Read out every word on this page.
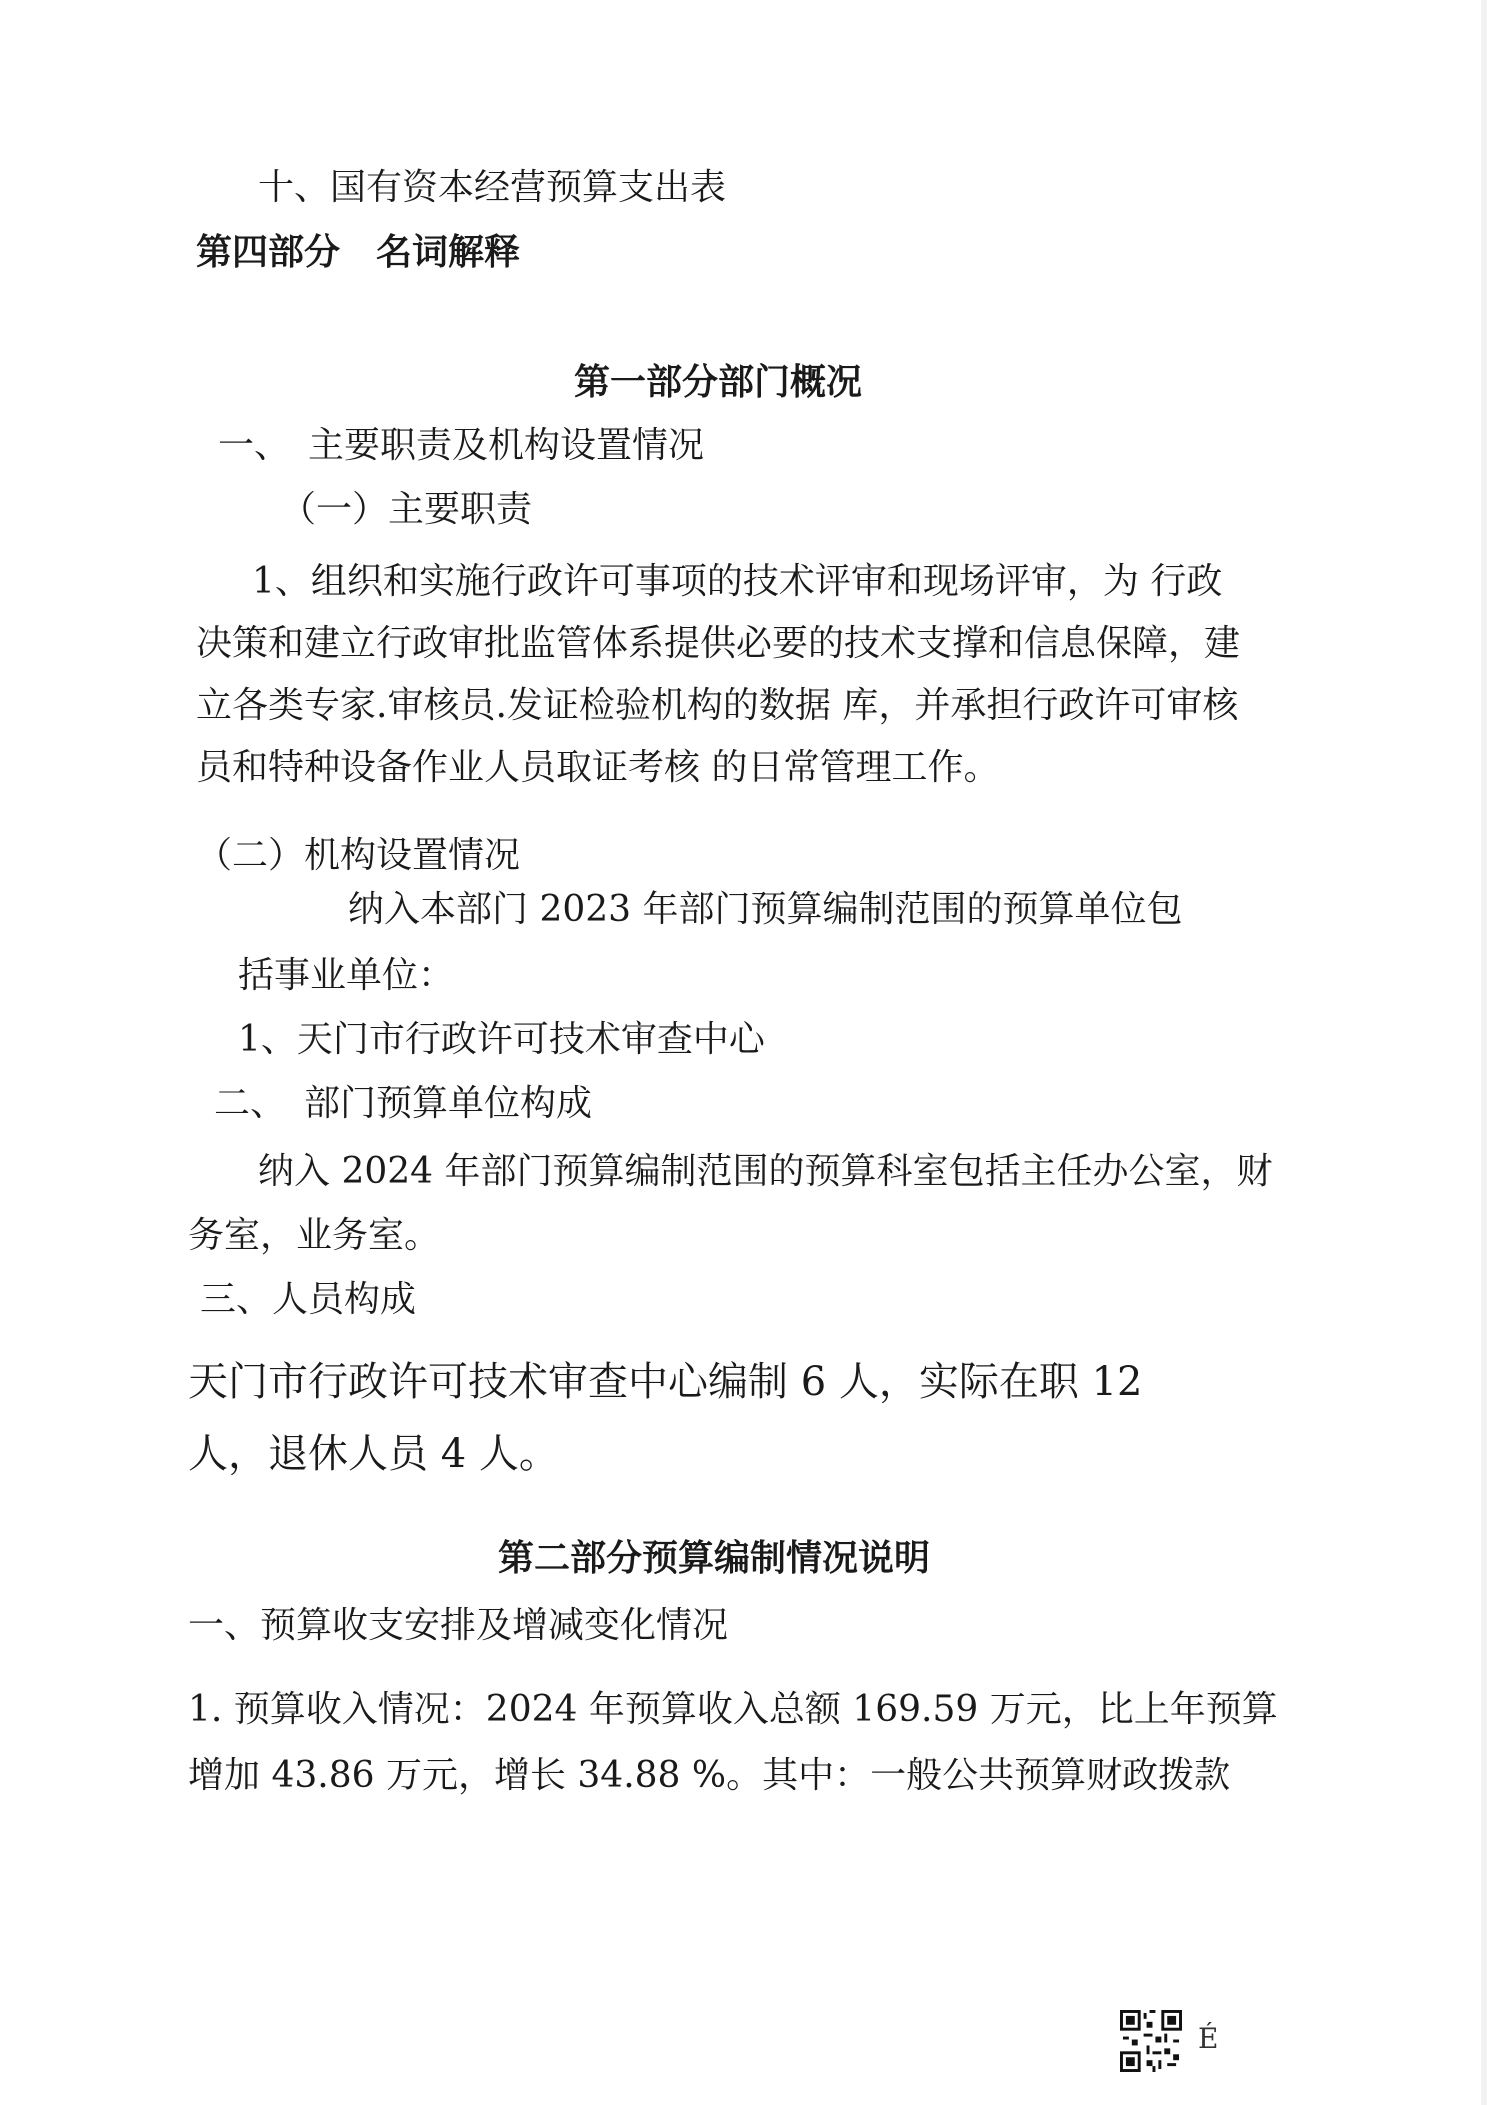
十、国有资本经营预算支出表
第四部分　名词解释
第一部分部门概况
一、　主要职责及机构设置情况
（一）主要职责
1、组织和实施行政许可事项的技术评审和现场评审，为 行政
决策和建立行政审批监管体系提供必要的技术支撑和信息保障，建
立各类专家.审核员.发证检验机构的数据 库，并承担行政许可审核
员和特种设备作业人员取证考核 的日常管理工作。
（二）机构设置情况
纳入本部门 2023 年部门预算编制范围的预算单位包
括事业单位：
1、天门市行政许可技术审查中心
二、　部门预算单位构成
纳入 2024 年部门预算编制范围的预算科室包括主任办公室，财
务室，业务室。
三、人员构成
天门市行政许可技术审查中心编制 6 人，实际在职 12
人，退休人员 4 人。
第二部分预算编制情况说明
一、预算收支安排及增减变化情况
1. 预算收入情况：2024 年预算收入总额 169.59 万元，比上年预算
增加 43.86 万元，增长 34.88 %。其中：一般公共预算财政拨款
É
